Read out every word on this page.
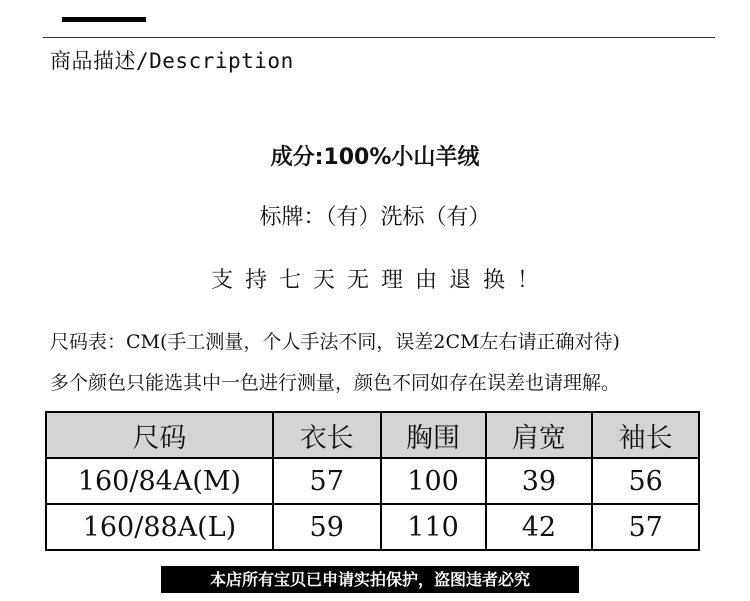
商品描述/Description
成分:100%小山羊绒
标牌：（有）洗标（有）
支持七天无理由退换！
尺码表：CM(手工测量，个人手法不同，误差2CM左右请正确对待)
多个颜色只能选其中一色进行测量，颜色不同如存在误差也请理解。
尺码	衣长	胸围	肩宽	袖长
160/84A(M)	57	100	39	56
160/88A(L)	59	110	42	57
本店所有宝贝已申请实拍保护，盗图违者必究
